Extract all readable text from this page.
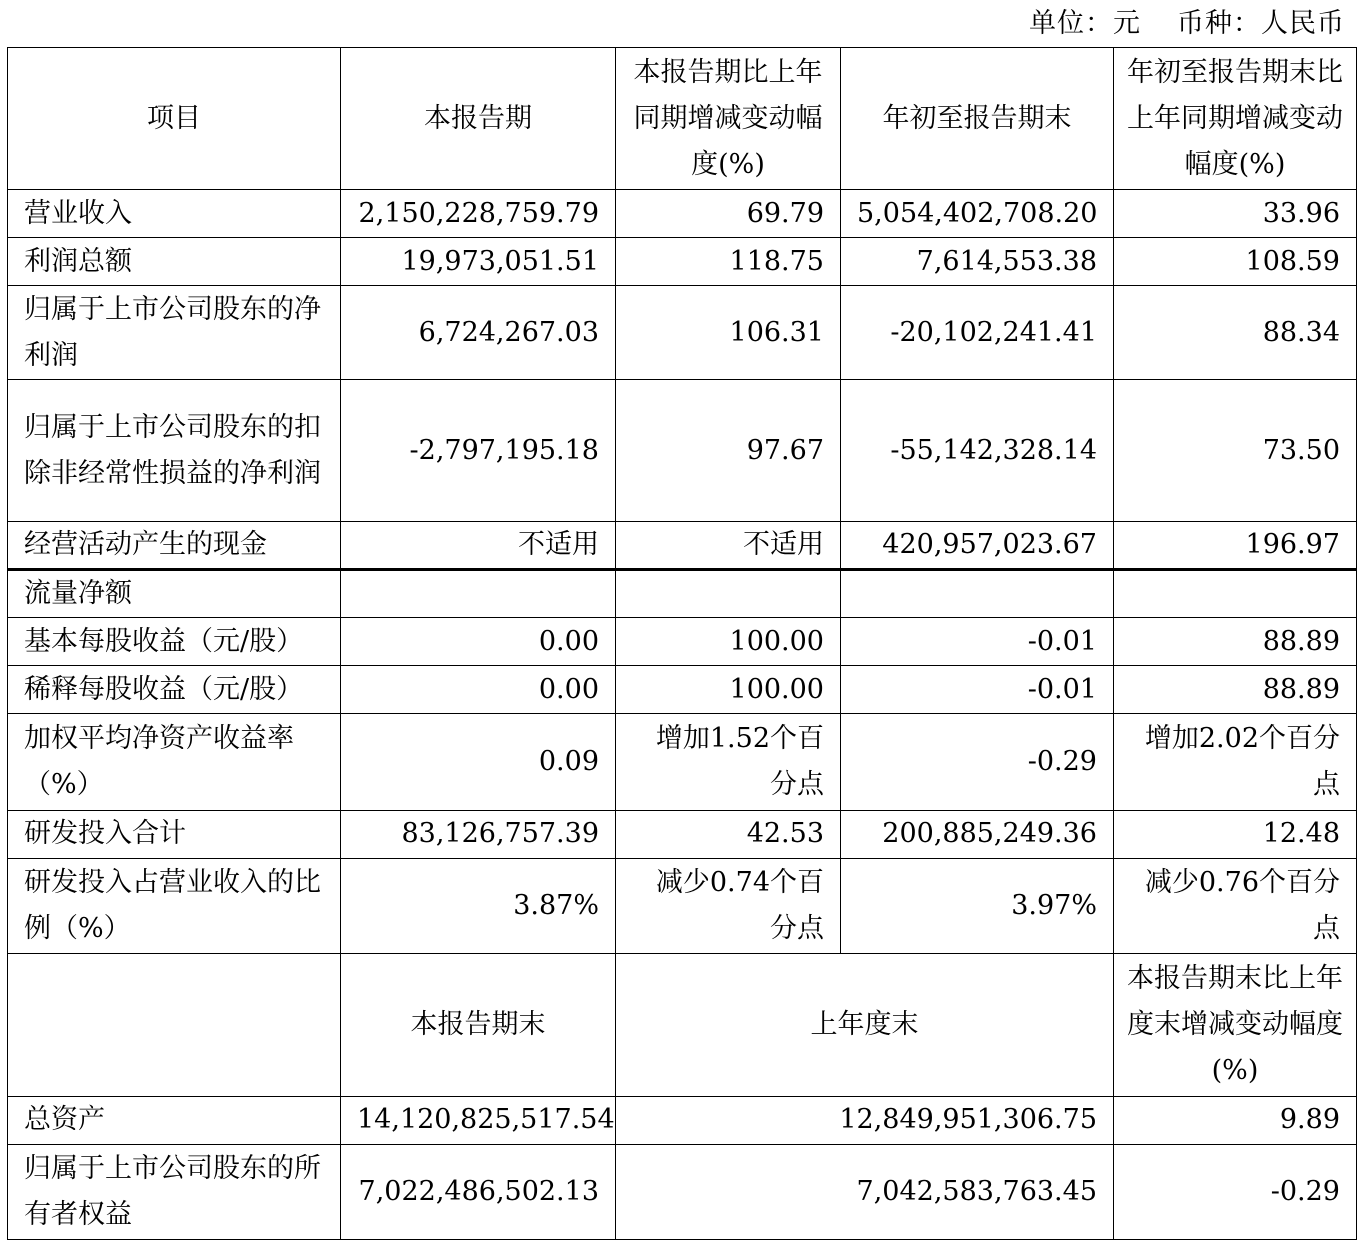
单位：元 币种：人民币
项目	本报告期	本报告期比上年同期增减变动幅度(%)	年初至报告期末	年初至报告期末比上年同期增减变动幅度(%)
营业收入	2,150,228,759.79	69.79	5,054,402,708.20	33.96
利润总额	19,973,051.51	118.75	7,614,553.38	108.59
归属于上市公司股东的净利润	6,724,267.03	106.31	-20,102,241.41	88.34
归属于上市公司股东的扣除非经常性损益的净利润	-2,797,195.18	97.67	-55,142,328.14	73.50
经营活动产生的现金	不适用	不适用	420,957,023.67	196.97
流量净额				
基本每股收益（元/股）	0.00	100.00	-0.01	88.89
稀释每股收益（元/股）	0.00	100.00	-0.01	88.89
加权平均净资产收益率（%）	0.09	增加1.52个百分点	-0.29	增加2.02个百分点
研发投入合计	83,126,757.39	42.53	200,885,249.36	12.48
研发投入占营业收入的比例（%）	3.87%	减少0.74个百分点	3.97%	减少0.76个百分点
	本报告期末	上年度末		本报告期末比上年度末增减变动幅度(%)
总资产	14,120,825,517.54	12,849,951,306.75		9.89
归属于上市公司股东的所有者权益	7,022,486,502.13	7,042,583,763.45		-0.29
